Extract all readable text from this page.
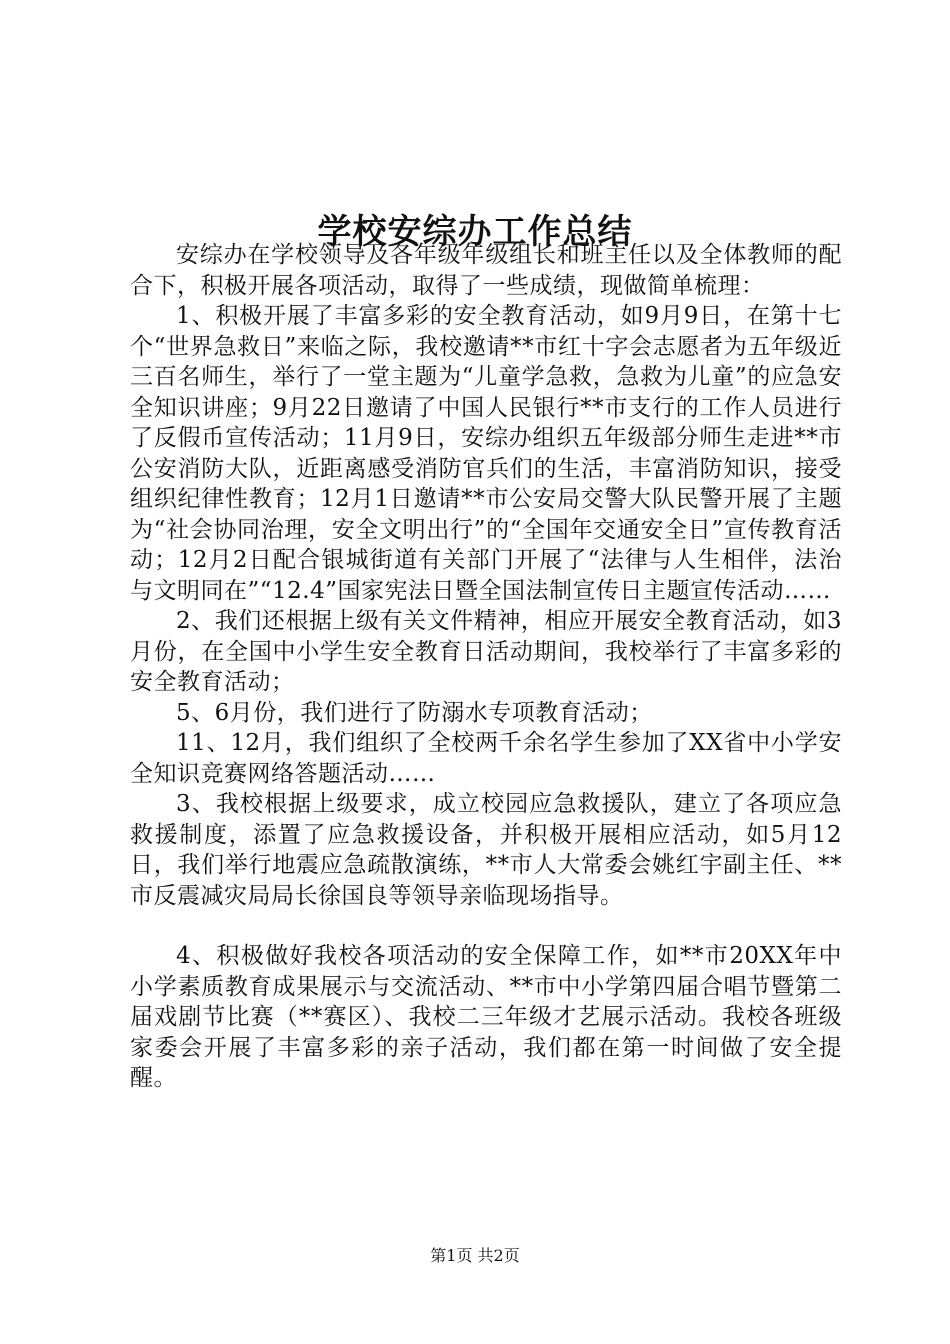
学校安综办工作总结

安综办在学校领导及各年级年级组长和班主任以及全体教师的配合下，积极开展各项活动，取得了一些成绩，现做简单梳理：

1、积极开展了丰富多彩的安全教育活动，如9月9日，在第十七个“世界急救日”来临之际，我校邀请**市红十字会志愿者为五年级近三百名师生，举行了一堂主题为“儿童学急救，急救为儿童”的应急安全知识讲座；9月22日邀请了中国人民银行**市支行的工作人员进行了反假币宣传活动；11月9日，安综办组织五年级部分师生走进**市公安消防大队，近距离感受消防官兵们的生活，丰富消防知识，接受组织纪律性教育；12月1日邀请**市公安局交警大队民警开展了主题为“社会协同治理，安全文明出行”的“全国年交通安全日”宣传教育活动；12月2日配合银城街道有关部门开展了“法律与人生相伴，法治与文明同在”“12.4”国家宪法日暨全国法制宣传日主题宣传活动……

2、我们还根据上级有关文件精神，相应开展安全教育活动，如3月份，在全国中小学生安全教育日活动期间，我校举行了丰富多彩的安全教育活动；

5、6月份，我们进行了防溺水专项教育活动；

11、12月，我们组织了全校两千余名学生参加了XX省中小学安全知识竞赛网络答题活动……

3、我校根据上级要求，成立校园应急救援队，建立了各项应急救援制度，添置了应急救援设备，并积极开展相应活动，如5月12日，我们举行地震应急疏散演练，**市人大常委会姚红宇副主任、**市反震减灾局局长徐国良等领导亲临现场指导。

4、积极做好我校各项活动的安全保障工作，如**市20XX年中小学素质教育成果展示与交流活动、**市中小学第四届合唱节暨第二届戏剧节比赛（**赛区）、我校二三年级才艺展示活动。我校各班级家委会开展了丰富多彩的亲子活动，我们都在第一时间做了安全提醒。

第1页 共2页
